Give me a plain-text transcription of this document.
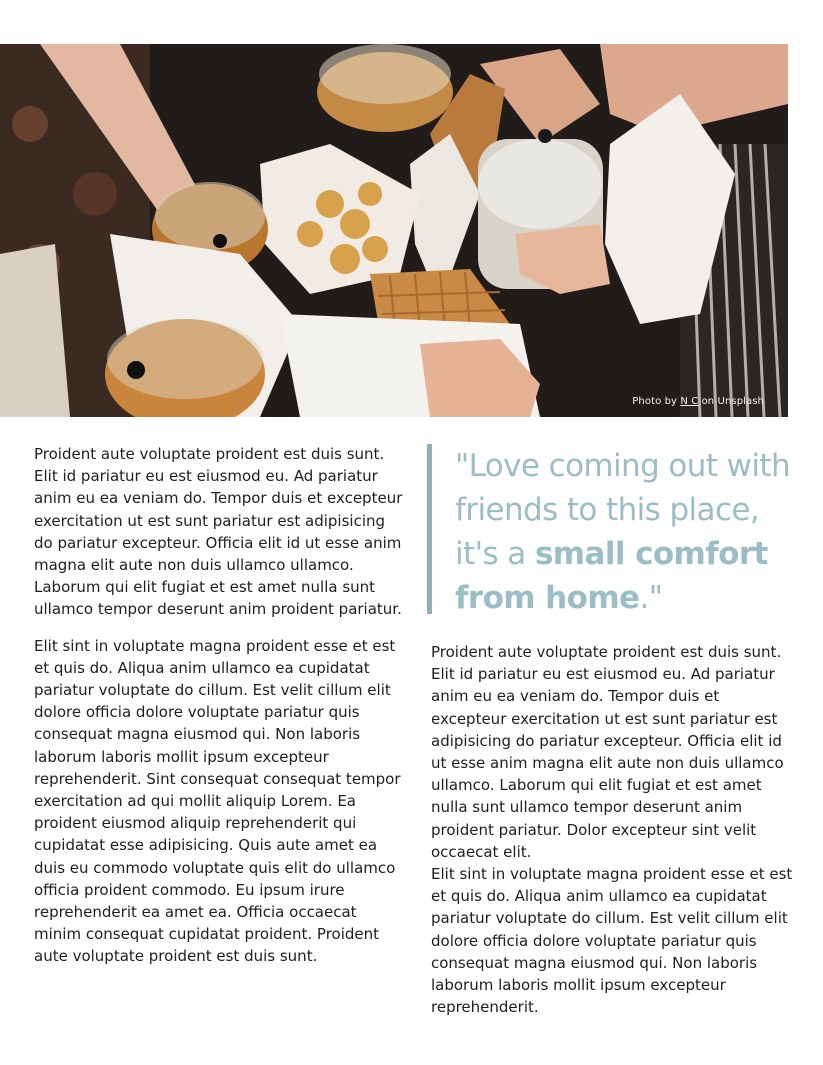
Photo by N C on Unsplash

Proident aute voluptate proident est duis sunt. Elit id pariatur eu est eiusmod eu. Ad pariatur anim eu ea veniam do. Tempor duis et excepteur exercitation ut est sunt pariatur est adipisicing do pariatur excepteur. Officia elit id ut esse anim magna elit aute non duis ullamco ullamco. Laborum qui elit fugiat et est amet nulla sunt ullamco tempor deserunt anim proident pariatur.

Elit sint in voluptate magna proident esse et est et quis do. Aliqua anim ullamco ea cupidatat pariatur voluptate do cillum. Est velit cillum elit dolore officia dolore voluptate pariatur quis consequat magna eiusmod qui. Non laboris laborum laboris mollit ipsum excepteur reprehenderit. Sint consequat consequat tempor exercitation ad qui mollit aliquip Lorem. Ea proident eiusmod aliquip reprehenderit qui cupidatat esse adipisicing. Quis aute amet ea duis eu commodo voluptate quis elit do ullamco officia proident commodo. Eu ipsum irure reprehenderit ea amet ea. Officia occaecat minim consequat cupidatat proident. Proident aute voluptate proident est duis sunt.

"Love coming out with
friends to this place,
it's a small comfort
from home."

Proident aute voluptate proident est duis sunt. Elit id pariatur eu est eiusmod eu. Ad pariatur anim eu ea veniam do. Tempor duis et excepteur exercitation ut est sunt pariatur est adipisicing do pariatur excepteur. Officia elit id ut esse anim magna elit aute non duis ullamco ullamco. Laborum qui elit fugiat et est amet nulla sunt ullamco tempor deserunt anim proident pariatur. Dolor excepteur sint velit occaecat elit.

Elit sint in voluptate magna proident esse et est et quis do. Aliqua anim ullamco ea cupidatat pariatur voluptate do cillum. Est velit cillum elit dolore officia dolore voluptate pariatur quis consequat magna eiusmod qui. Non laboris laborum laboris mollit ipsum excepteur reprehenderit.
